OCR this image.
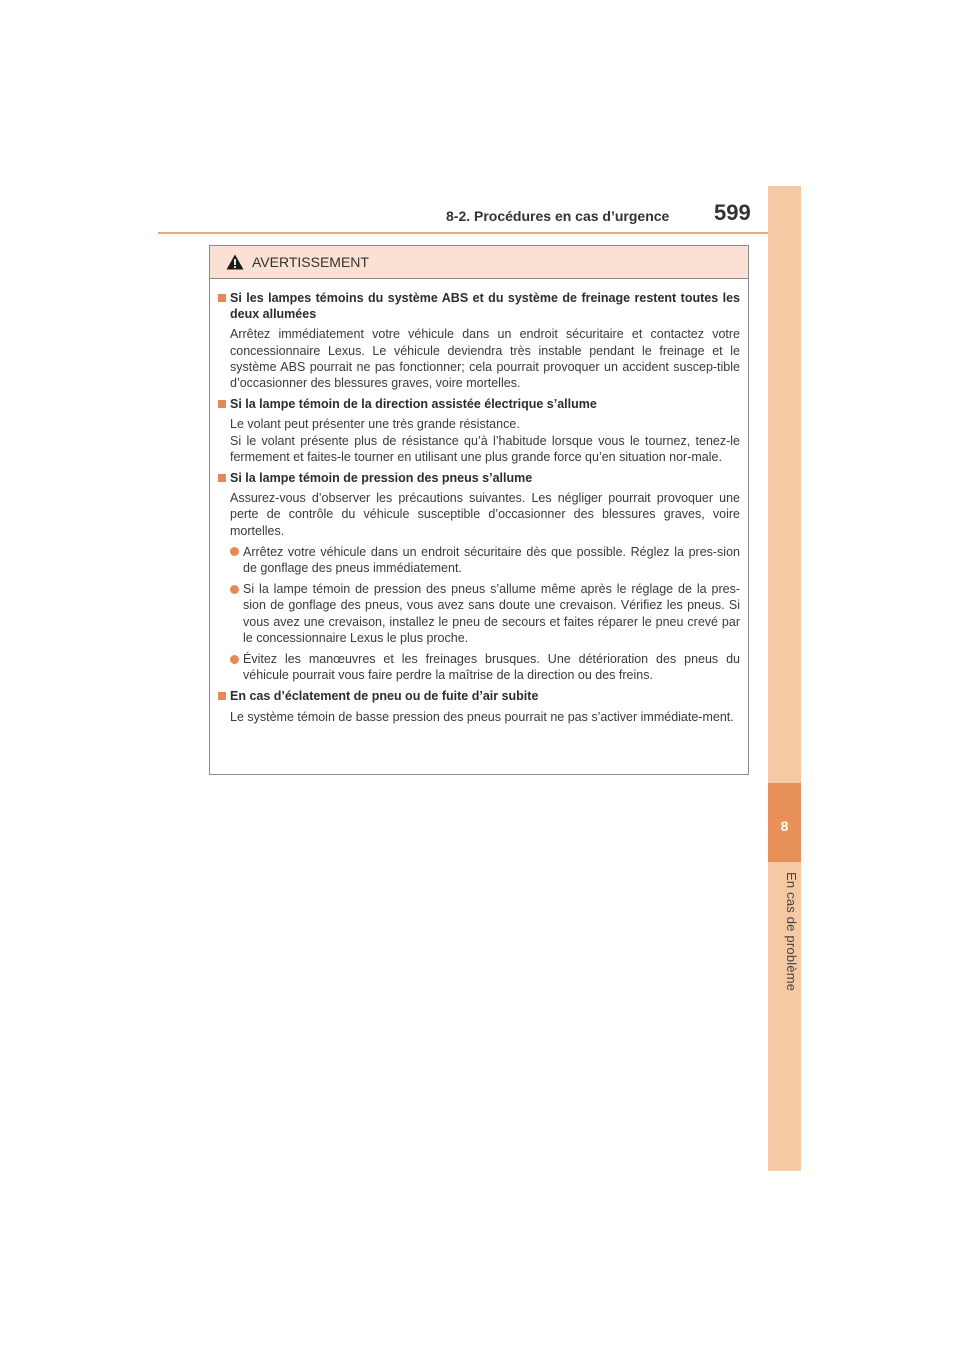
8-2. Procédures en cas d’urgence 599
8
En cas de problème
AVERTISSEMENT
Si les lampes témoins du système ABS et du système de freinage restent toutes les deux allumées
Arrêtez immédiatement votre véhicule dans un endroit sécuritaire et contactez votre concessionnaire Lexus. Le véhicule deviendra très instable pendant le freinage et le système ABS pourrait ne pas fonctionner; cela pourrait provoquer un accident suscep-tible d’occasionner des blessures graves, voire mortelles.
Si la lampe témoin de la direction assistée électrique s’allume
Le volant peut présenter une très grande résistance.
Si le volant présente plus de résistance qu’à l’habitude lorsque vous le tournez, tenez-le fermement et faites-le tourner en utilisant une plus grande force qu’en situation nor-male.
Si la lampe témoin de pression des pneus s’allume
Assurez-vous d’observer les précautions suivantes. Les négliger pourrait provoquer une perte de contrôle du véhicule susceptible d’occasionner des blessures graves, voire mortelles.
Arrêtez votre véhicule dans un endroit sécuritaire dès que possible. Réglez la pres-sion de gonflage des pneus immédiatement.
Si la lampe témoin de pression des pneus s’allume même après le réglage de la pres-sion de gonflage des pneus, vous avez sans doute une crevaison. Vérifiez les pneus. Si vous avez une crevaison, installez le pneu de secours et faites réparer le pneu crevé par le concessionnaire Lexus le plus proche.
Évitez les manœuvres et les freinages brusques. Une détérioration des pneus du véhicule pourrait vous faire perdre la maîtrise de la direction ou des freins.
En cas d’éclatement de pneu ou de fuite d’air subite
Le système témoin de basse pression des pneus pourrait ne pas s’activer immédiate-ment.
